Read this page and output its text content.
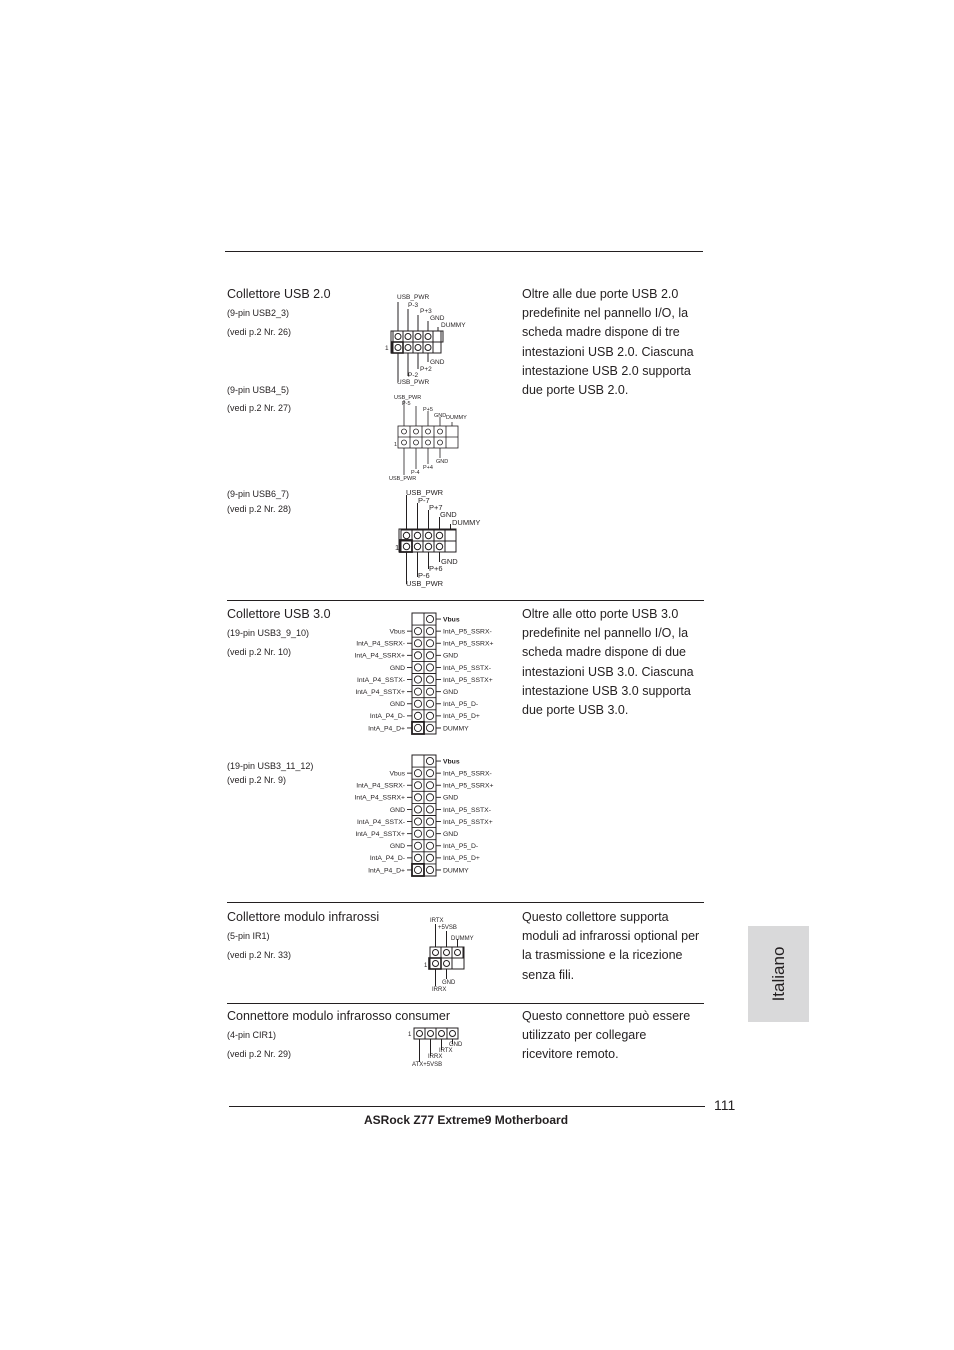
Collettore USB 2.0
(9-pin USB2_3)
(vedi p.2 Nr. 26)
(9-pin USB4_5)
(vedi p.2 Nr. 27)
(9-pin USB6_7)
(vedi p.2 Nr. 28)
Oltre alle due porte USB 2.0
predefinite nel pannello I/O, la
scheda madre dispone di tre
intestazioni USB 2.0. Ciascuna
intestazione USB 2.0 supporta
due porte USB 2.0.
USB_PWR
P-3
P+3
GND
DUMMY
GND
P+2
P-2
USB_PWR
1
USB_PWR
P-5
P+5
GND DUMMY
GND
P+4
P-4
USB_PWR
1
USB_PWR
P-7
P+7
GND
DUMMY
GND
P+6
P-6
USB_PWR
1
Collettore USB 3.0
(19-pin USB3_9_10)
(vedi p.2 Nr. 10)
(19-pin USB3_11_12)
(vedi p.2 Nr. 9)
Oltre alle otto porte USB 3.0
predefinite nel pannello I/O, la
scheda madre dispone di due
intestazioni USB 3.0. Ciascuna
intestazione USB 3.0 supporta
due porte USB 3.0.
Vbus
IntA_P5_SSRX-
Vbus
IntA_P5_SSRX+
IntA_P4_SSRX-
GND
IntA_P4_SSRX+
IntA_P5_SSTX-
GND
IntA_P5_SSTX+
IntA_P4_SSTX-
GND
IntA_P4_SSTX+
IntA_P5_D-
GND
IntA_P5_D+
IntA_P4_D-
DUMMY
IntA_P4_D+
Vbus
IntA_P5_SSRX-
Vbus
IntA_P5_SSRX+
IntA_P4_SSRX-
GND
IntA_P4_SSRX+
IntA_P5_SSTX-
GND
IntA_P5_SSTX+
IntA_P4_SSTX-
GND
IntA_P4_SSTX+
IntA_P5_D-
GND
IntA_P5_D+
IntA_P4_D-
DUMMY
IntA_P4_D+
Collettore modulo infrarossi
(5-pin IR1)
(vedi p.2 Nr. 33)
Questo collettore supporta
moduli ad infrarossi optional per
la trasmissione e la ricezione
senza fili.
IRTX
+5VSB
DUMMY
GND
IRRX
1
Connettore modulo infrarosso consumer
(4-pin CIR1)
(vedi p.2 Nr. 29)
Questo connettore può essere
utilizzato per collegare
ricevitore remoto.
GND
IRTX
IRRX
ATX+5VSB
1
Italiano
111
ASRock Z77 Extreme9 Motherboard
